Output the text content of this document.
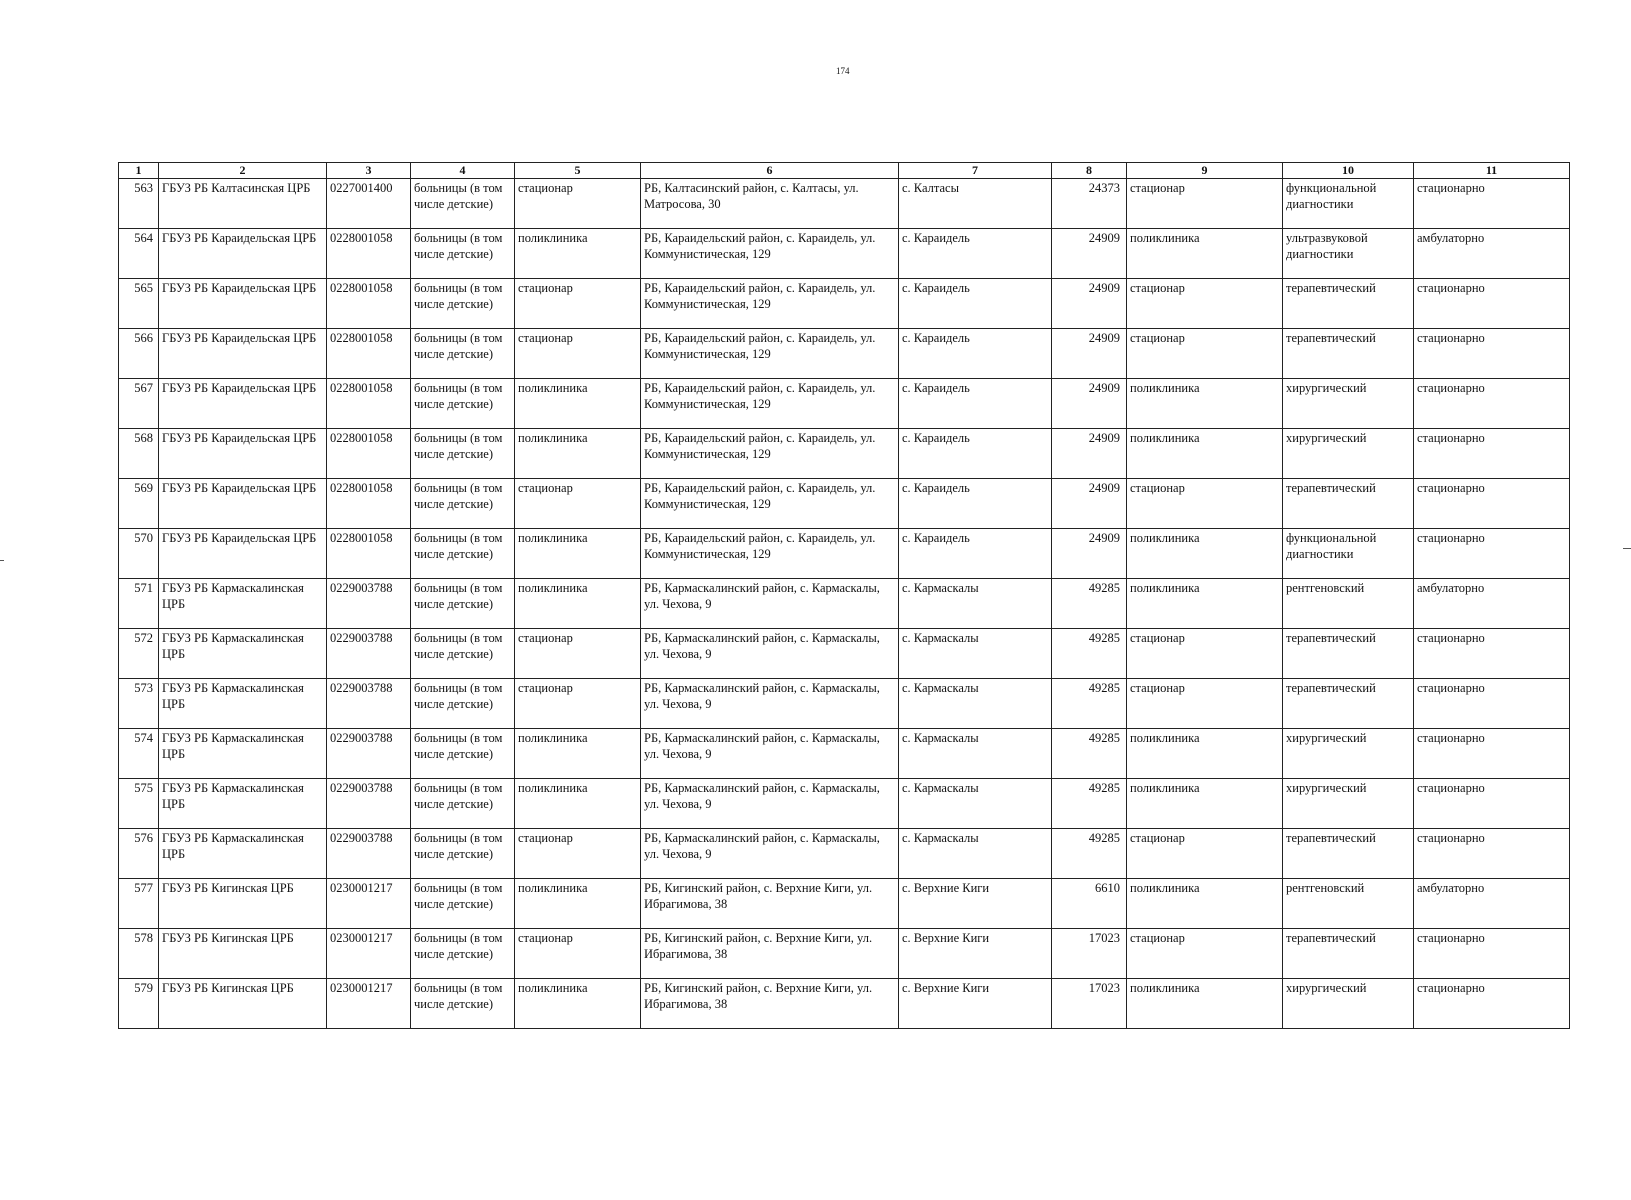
174
1	2	3	4	5	6	7	8	9	10	11
563	ГБУЗ РБ Калтасинская ЦРБ	0227001400	больницы (в том числе детские)	стационар	РБ, Калтасинский район, с. Калтасы, ул. Матросова, 30	с. Калтасы	24373	стационар	функциональной диагностики	стационарно
564	ГБУЗ РБ Караидельская ЦРБ	0228001058	больницы (в том числе детские)	поликлиника	РБ, Караидельский район, с. Караидель, ул. Коммунистическая, 129	с. Караидель	24909	поликлиника	ультразвуковой диагностики	амбулаторно
565	ГБУЗ РБ Караидельская ЦРБ	0228001058	больницы (в том числе детские)	стационар	РБ, Караидельский район, с. Караидель, ул. Коммунистическая, 129	с. Караидель	24909	стационар	терапевтический	стационарно
566	ГБУЗ РБ Караидельская ЦРБ	0228001058	больницы (в том числе детские)	стационар	РБ, Караидельский район, с. Караидель, ул. Коммунистическая, 129	с. Караидель	24909	стационар	терапевтический	стационарно
567	ГБУЗ РБ Караидельская ЦРБ	0228001058	больницы (в том числе детские)	поликлиника	РБ, Караидельский район, с. Караидель, ул. Коммунистическая, 129	с. Караидель	24909	поликлиника	хирургический	стационарно
568	ГБУЗ РБ Караидельская ЦРБ	0228001058	больницы (в том числе детские)	поликлиника	РБ, Караидельский район, с. Караидель, ул. Коммунистическая, 129	с. Караидель	24909	поликлиника	хирургический	стационарно
569	ГБУЗ РБ Караидельская ЦРБ	0228001058	больницы (в том числе детские)	стационар	РБ, Караидельский район, с. Караидель, ул. Коммунистическая, 129	с. Караидель	24909	стационар	терапевтический	стационарно
570	ГБУЗ РБ Караидельская ЦРБ	0228001058	больницы (в том числе детские)	поликлиника	РБ, Караидельский район, с. Караидель, ул. Коммунистическая, 129	с. Караидель	24909	поликлиника	функциональной диагностики	стационарно
571	ГБУЗ РБ Кармаскалинская ЦРБ	0229003788	больницы (в том числе детские)	поликлиника	РБ, Кармаскалинский район, с. Кармаскалы, ул. Чехова, 9	с. Кармаскалы	49285	поликлиника	рентгеновский	амбулаторно
572	ГБУЗ РБ Кармаскалинская ЦРБ	0229003788	больницы (в том числе детские)	стационар	РБ, Кармаскалинский район, с. Кармаскалы, ул. Чехова, 9	с. Кармаскалы	49285	стационар	терапевтический	стационарно
573	ГБУЗ РБ Кармаскалинская ЦРБ	0229003788	больницы (в том числе детские)	стационар	РБ, Кармаскалинский район, с. Кармаскалы, ул. Чехова, 9	с. Кармаскалы	49285	стационар	терапевтический	стационарно
574	ГБУЗ РБ Кармаскалинская ЦРБ	0229003788	больницы (в том числе детские)	поликлиника	РБ, Кармаскалинский район, с. Кармаскалы, ул. Чехова, 9	с. Кармаскалы	49285	поликлиника	хирургический	стационарно
575	ГБУЗ РБ Кармаскалинская ЦРБ	0229003788	больницы (в том числе детские)	поликлиника	РБ, Кармаскалинский район, с. Кармаскалы, ул. Чехова, 9	с. Кармаскалы	49285	поликлиника	хирургический	стационарно
576	ГБУЗ РБ Кармаскалинская ЦРБ	0229003788	больницы (в том числе детские)	стационар	РБ, Кармаскалинский район, с. Кармаскалы, ул. Чехова, 9	с. Кармаскалы	49285	стационар	терапевтический	стационарно
577	ГБУЗ РБ Кигинская ЦРБ	0230001217	больницы (в том числе детские)	поликлиника	РБ, Кигинский район, с. Верхние Киги, ул. Ибрагимова, 38	с. Верхние Киги	6610	поликлиника	рентгеновский	амбулаторно
578	ГБУЗ РБ Кигинская ЦРБ	0230001217	больницы (в том числе детские)	стационар	РБ, Кигинский район, с. Верхние Киги, ул. Ибрагимова, 38	с. Верхние Киги	17023	стационар	терапевтический	стационарно
579	ГБУЗ РБ Кигинская ЦРБ	0230001217	больницы (в том числе детские)	поликлиника	РБ, Кигинский район, с. Верхние Киги, ул. Ибрагимова, 38	с. Верхние Киги	17023	поликлиника	хирургический	стационарно
